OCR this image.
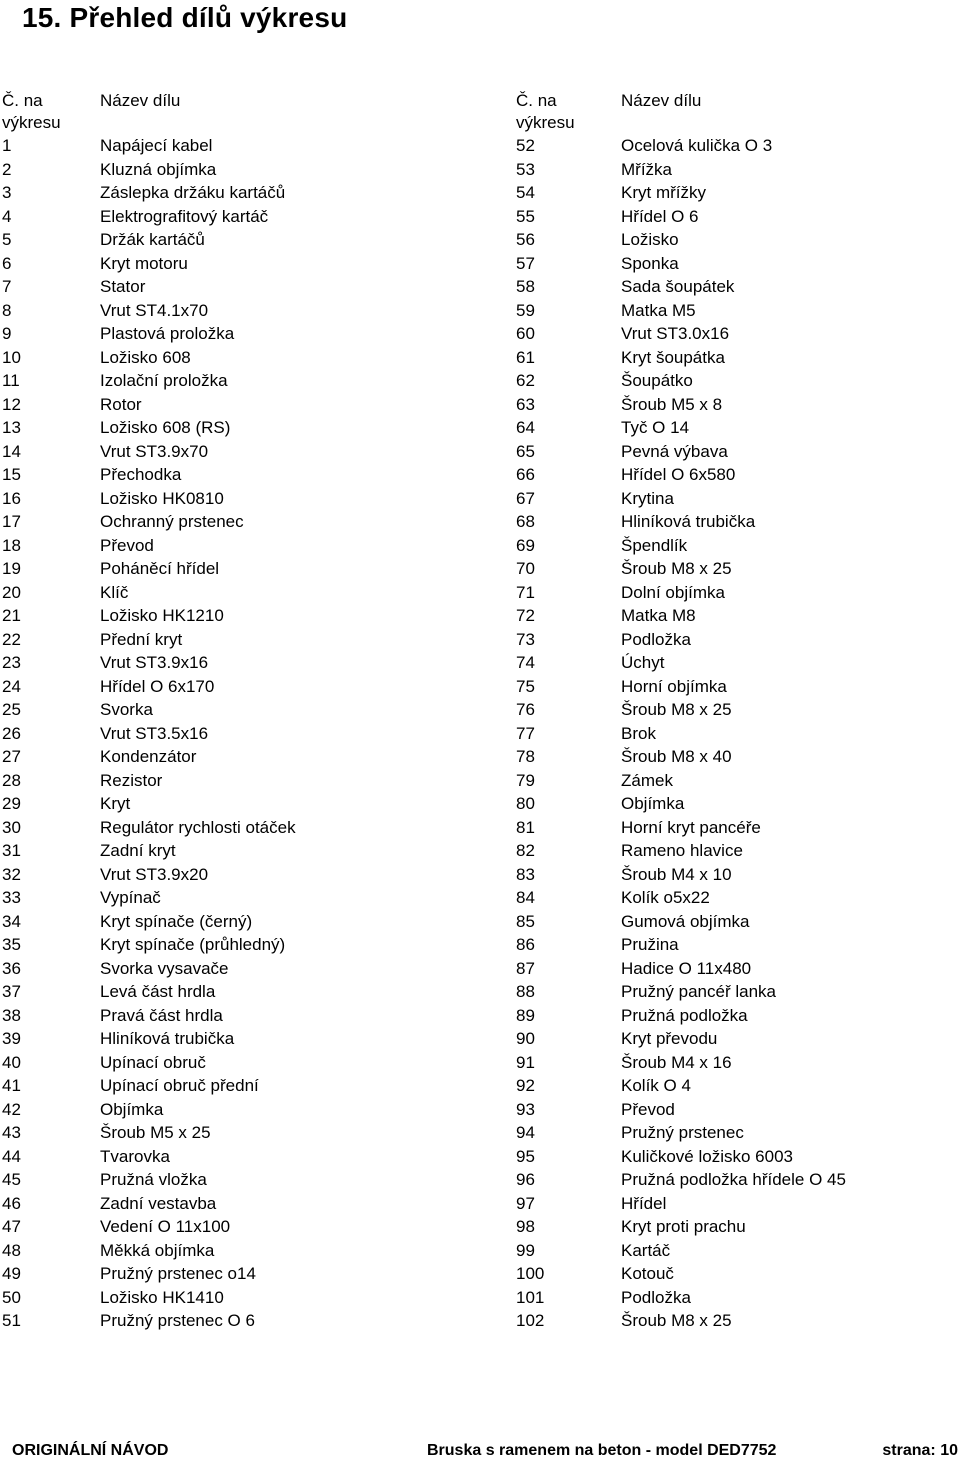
15. Přehled dílů výkresu
Č. na výkresu
Název dílu
1	Napájecí kabel
2	Kluzná objímka
3	Záslepka držáku kartáčů
4	Elektrografitový kartáč
5	Držák kartáčů
6	Kryt motoru
7	Stator
8	Vrut ST4.1x70
9	Plastová proložka
10	Ložisko 608
11	Izolační proložka
12	Rotor
13	Ložisko 608 (RS)
14	Vrut ST3.9x70
15	Přechodka
16	Ložisko HK0810
17	Ochranný prstenec
18	Převod
19	Poháněcí hřídel
20	Klíč
21	Ložisko HK1210
22	Přední kryt
23	Vrut ST3.9x16
24	Hřídel O 6x170
25	Svorka
26	Vrut ST3.5x16
27	Kondenzátor
28	Rezistor
29	Kryt
30	Regulátor rychlosti otáček
31	Zadní kryt
32	Vrut ST3.9x20
33	Vypínač
34	Kryt spínače (černý)
35	Kryt spínače (průhledný)
36	Svorka vysavače
37	Levá část hrdla
38	Pravá část hrdla
39	Hliníková trubička
40	Upínací obruč
41	Upínací obruč přední
42	Objímka
43	Šroub M5 x 25
44	Tvarovka
45	Pružná vložka
46	Zadní vestavba
47	Vedení O 11x100
48	Měkká objímka
49	Pružný prstenec o14
50	Ložisko HK1410
51	Pružný prstenec O 6
Č. na výkresu
Název dílu
52	Ocelová kulička O 3
53	Mřížka
54	Kryt mřížky
55	Hřídel O 6
56	Ložisko
57	Sponka
58	Sada šoupátek
59	Matka M5
60	Vrut ST3.0x16
61	Kryt šoupátka
62	Šoupátko
63	Šroub M5 x 8
64	Tyč O 14
65	Pevná výbava
66	Hřídel O 6x580
67	Krytina
68	Hliníková trubička
69	Špendlík
70	Šroub M8 x 25
71	Dolní objímka
72	Matka M8
73	Podložka
74	Úchyt
75	Horní objímka
76	Šroub M8 x 25
77	Brok
78	Šroub M8 x 40
79	Zámek
80	Objímka
81	Horní kryt pancéře
82	Rameno hlavice
83	Šroub M4 x 10
84	Kolík o5x22
85	Gumová objímka
86	Pružina
87	Hadice O 11x480
88	Pružný pancéř lanka
89	Pružná podložka
90	Kryt převodu
91	Šroub M4 x 16
92	Kolík O 4
93	Převod
94	Pružný prstenec
95	Kuličkové ložisko 6003
96	Pružná podložka hřídele O 45
97	Hřídel
98	Kryt proti prachu
99	Kartáč
100	Kotouč
101	Podložka
102	Šroub M8 x 25
ORIGINÁLNÍ NÁVOD	Bruska s ramenem na beton - model DED7752	strana: 10
